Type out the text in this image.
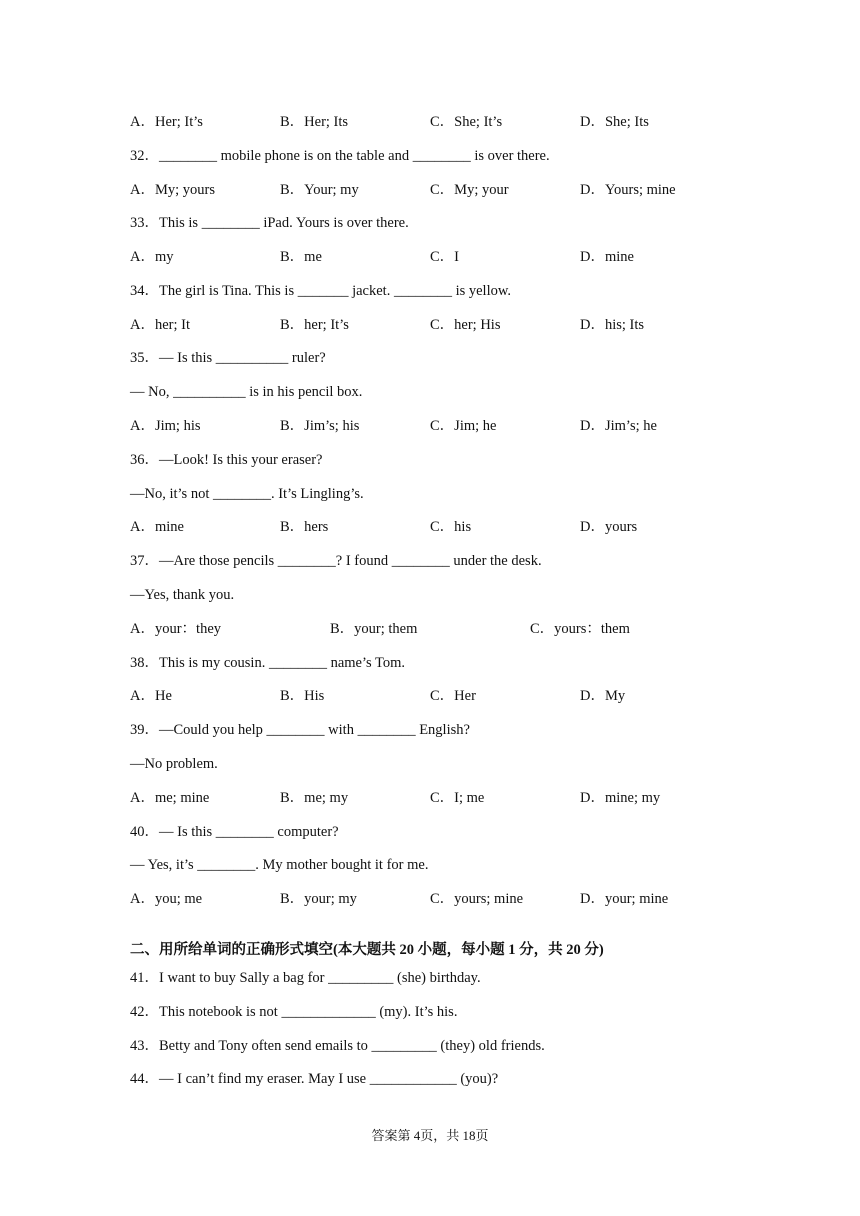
A．Her; It’s	B．Her; Its	C．She; It’s	D．She; Its
32．________ mobile phone is on the table and ________ is over there.
A．My; yours	B．Your; my	C．My; your	D．Yours; mine
33．This is ________ iPad. Yours is over there.
A．my	B．me	C．I	D．mine
34．The girl is Tina. This is _______ jacket. ________ is yellow.
A．her; It	B．her; It’s	C．her; His	D．his; Its
35．— Is this __________ ruler?
— No, __________ is in his pencil box.
A．Jim; his	B．Jim’s; his	C．Jim; he	D．Jim’s; he
36．—Look! Is this your eraser?
—No, it’s not ________. It’s Lingling’s.
A．mine	B．hers	C．his	D．yours
37．—Are those pencils ________? I found ________ under the desk.
—Yes, thank you.
A．your：they	B．your; them	C．yours：them
38．This is my cousin. ________ name’s Tom.
A．He	B．His	C．Her	D．My
39．—Could you help ________ with ________ English?
—No problem.
A．me; mine	B．me; my	C．I; me	D．mine; my
40．— Is this ________ computer?
— Yes, it’s ________. My mother bought it for me.
A．you; me	B．your; my	C．yours; mine	D．your; mine
二、用所给单词的正确形式填空(本大题共 20 小题，每小题 1 分，共 20 分)
41．I want to buy Sally a bag for _________ (she) birthday.
42．This notebook is not _____________ (my). It’s his.
43．Betty and Tony often send emails to _________ (they) old friends.
44．— I can’t find my eraser. May I use ____________ (you)?
答案第 4页，共 18页
